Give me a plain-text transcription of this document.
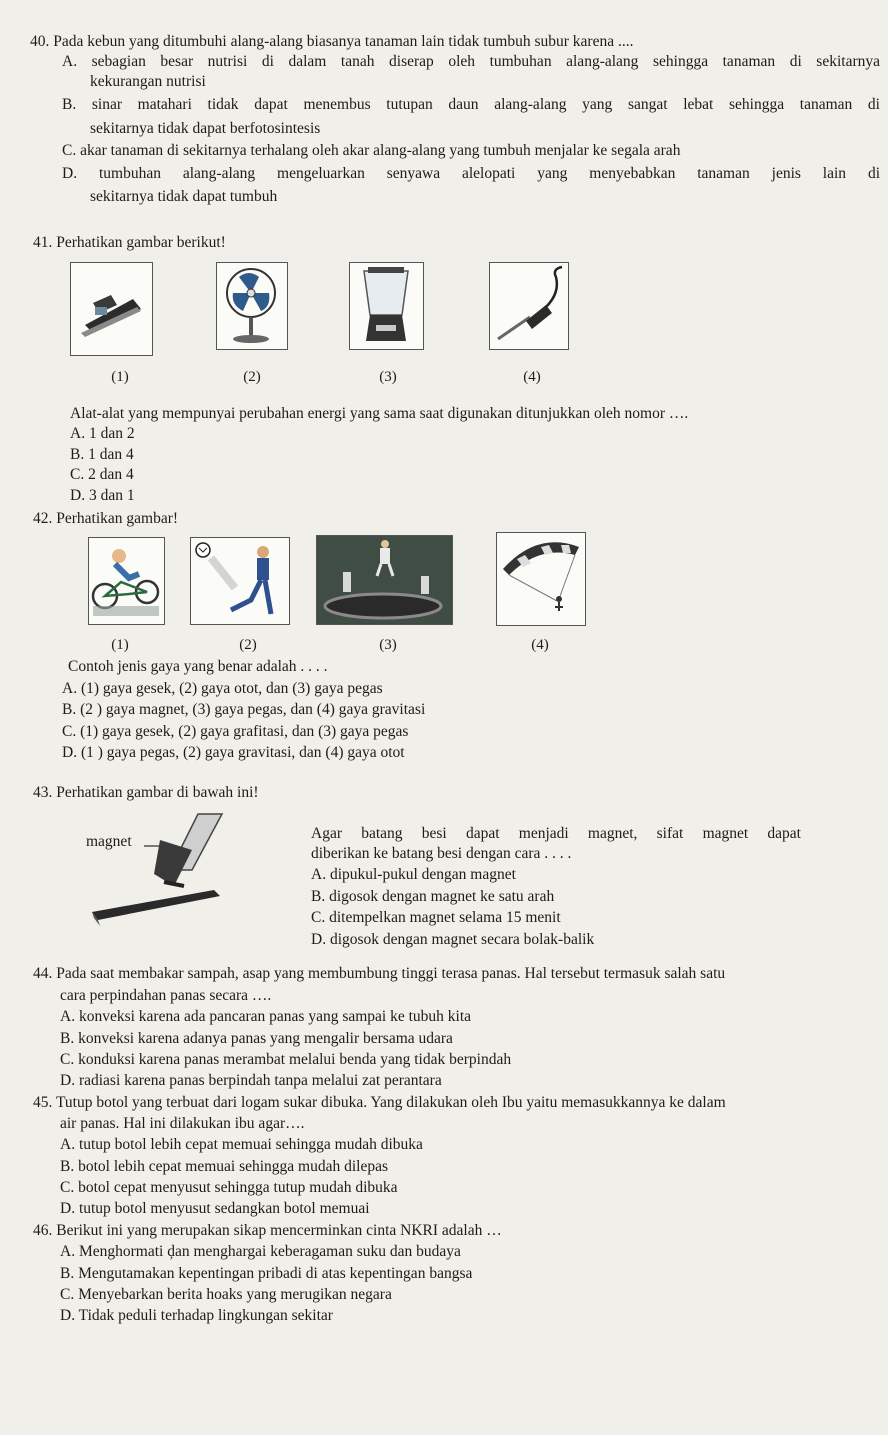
40. Pada kebun yang ditumbuhi alang-alang biasanya tanaman lain tidak tumbuh subur karena ....
A. sebagian besar nutrisi di dalam tanah diserap oleh tumbuhan alang-alang sehingga tanaman di sekitarnya
kekurangan nutrisi
B. sinar matahari tidak dapat menembus tutupan daun alang-alang yang sangat lebat sehingga tanaman di
sekitarnya tidak dapat berfotosintesis
C. akar tanaman di sekitarnya terhalang oleh akar alang-alang yang tumbuh menjalar ke segala arah
D. tumbuhan alang-alang mengeluarkan senyawa alelopati yang menyebabkan tanaman jenis lain di
sekitarnya tidak dapat tumbuh
41. Perhatikan gambar berikut!
(1)	(2)	(3)	(4)
Alat-alat yang mempunyai perubahan energi yang sama saat digunakan ditunjukkan oleh nomor ….
A. 1 dan 2
B. 1 dan 4
C. 2 dan 4
D. 3 dan 1
42. Perhatikan gambar!
(1)	(2)	(3)	(4)
Contoh jenis gaya yang benar adalah . . . .
A. (1) gaya gesek, (2) gaya otot, dan (3) gaya pegas
B. (2 ) gaya magnet, (3) gaya pegas, dan (4) gaya gravitasi
C. (1) gaya gesek, (2) gaya grafitasi, dan (3) gaya pegas
D. (1 ) gaya pegas, (2) gaya gravitasi, dan (4) gaya otot
43. Perhatikan gambar di bawah ini!
magnet	Agar batang besi dapat menjadi magnet, sifat magnet dapat
diberikan ke batang besi dengan cara . . . .
A. dipukul-pukul dengan magnet
B. digosok dengan magnet ke satu arah
C. ditempelkan magnet selama 15 menit
D. digosok dengan magnet secara bolak-balik
44. Pada saat membakar sampah, asap yang membumbung tinggi terasa panas. Hal tersebut termasuk salah satu
cara perpindahan panas secara ….
A. konveksi karena ada pancaran panas yang sampai ke tubuh kita
B. konveksi karena adanya panas yang mengalir bersama udara
C. konduksi karena panas merambat melalui benda yang tidak berpindah
D. radiasi karena panas berpindah tanpa melalui zat perantara
45. Tutup botol yang terbuat dari logam sukar dibuka. Yang dilakukan oleh Ibu yaitu memasukkannya ke dalam
air panas. Hal ini dilakukan ibu agar….
A. tutup botol lebih cepat memuai sehingga mudah dibuka
B. botol lebih cepat memuai sehingga mudah dilepas
C. botol cepat menyusut sehingga tutup mudah dibuka
D. tutup botol menyusut sedangkan botol memuai
46. Berikut ini yang merupakan sikap mencerminkan cinta NKRI adalah …
A. Menghormati ḑan menghargai keberagaman suku dan budaya
B. Mengutamakan kepentingan pribadi di atas kepentingan bangsa
C. Menyebarkan berita hoaks yang merugikan negara
D. Tidak peduli terhadap lingkungan sekitar
